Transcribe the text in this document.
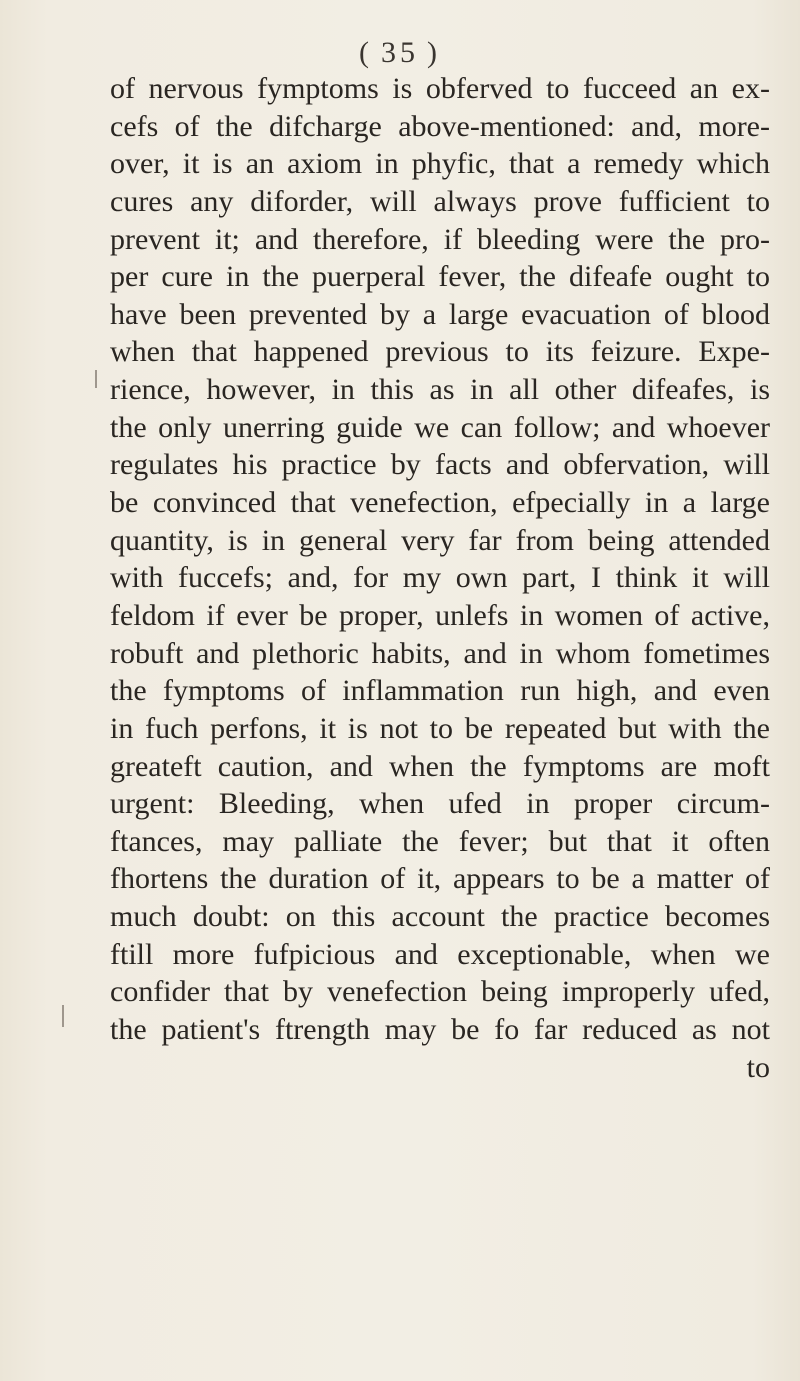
( 35 )
of nervous fymptoms is obferved to fucceed an ex-
cefs of the difcharge above-mentioned: and, more-
over, it is an axiom in phyfic, that a remedy which
cures any diforder, will always prove fufficient to
prevent it; and therefore, if bleeding were the pro-
per cure in the puerperal fever, the difeafe ought to
have been prevented by a large evacuation of blood
when that happened previous to its feizure. Expe-
rience, however, in this as in all other difeafes, is
the only unerring guide we can follow; and whoever
regulates his practice by facts and obfervation, will
be convinced that venefection, efpecially in a large
quantity, is in general very far from being attended
with fuccefs; and, for my own part, I think it will
feldom if ever be proper, unlefs in women of active,
robuft and plethoric habits, and in whom fometimes
the fymptoms of inflammation run high, and even
in fuch perfons, it is not to be repeated but with the
greateft caution, and when the fymptoms are moft
urgent: Bleeding, when ufed in proper circum-
ftances, may palliate the fever; but that it often
fhortens the duration of it, appears to be a matter of
much doubt: on this account the practice becomes
ftill more fufpicious and exceptionable, when we
confider that by venefection being improperly ufed,
the patient's ftrength may be fo far reduced as not
to
